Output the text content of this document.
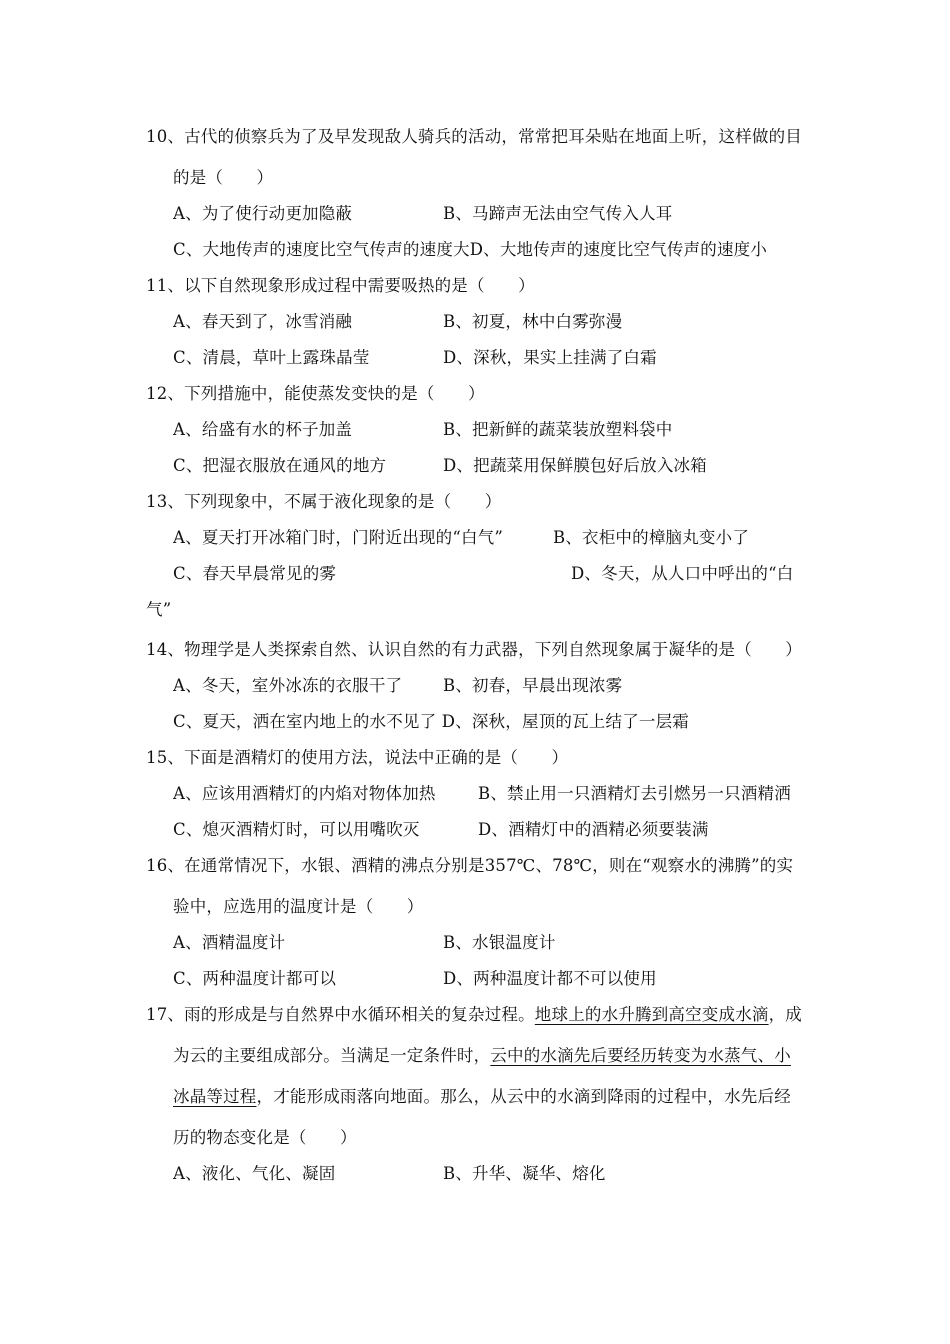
10、古代的侦察兵为了及早发现敌人骑兵的活动，常常把耳朵贴在地面上听，这样做的目
的是（　　）
A、为了使行动更加隐蔽	B、马蹄声无法由空气传入人耳
C、大地传声的速度比空气传声的速度大D、大地传声的速度比空气传声的速度小
11、以下自然现象形成过程中需要吸热的是（　　）
A、春天到了，冰雪消融	B、初夏，林中白雾弥漫
C、清晨，草叶上露珠晶莹	D、深秋，果实上挂满了白霜
12、下列措施中，能使蒸发变快的是（　　）
A、给盛有水的杯子加盖	B、把新鲜的蔬菜装放塑料袋中
C、把湿衣服放在通风的地方	D、把蔬菜用保鲜膜包好后放入冰箱
13、下列现象中，不属于液化现象的是（　　）
A、夏天打开冰箱门时，门附近出现的“白气”	B、衣柜中的樟脑丸变小了
C、春天早晨常见的雾	D、冬天，从人口中呼出的“白
气”
14、物理学是人类探索自然、认识自然的有力武器，下列自然现象属于凝华的是（　　）
A、冬天，室外冰冻的衣服干了 B、初春，早晨出现浓雾
C、夏天，洒在室内地上的水不见了 D、深秋，屋顶的瓦上结了一层霜
15、下面是酒精灯的使用方法，说法中正确的是（　　）
A、应该用酒精灯的内焰对物体加热	B、禁止用一只酒精灯去引燃另一只酒精洒
C、熄灭酒精灯时，可以用嘴吹灭	D、酒精灯中的酒精必须要装满
16、在通常情况下，水银、酒精的沸点分别是357℃、78℃，则在“观察水的沸腾”的实
验中，应选用的温度计是（　　）
A、酒精温度计	B、水银温度计
C、两种温度计都可以	D、两种温度计都不可以使用
17、雨的形成是与自然界中水循环相关的复杂过程。地球上的水升腾到高空变成水滴，成
为云的主要组成部分。当满足一定条件时，云中的水滴先后要经历转变为水蒸气、小
冰晶等过程，才能形成雨落向地面。那么，从云中的水滴到降雨的过程中，水先后经
历的物态变化是（　　）
A、液化、气化、凝固	B、升华、凝华、熔化
